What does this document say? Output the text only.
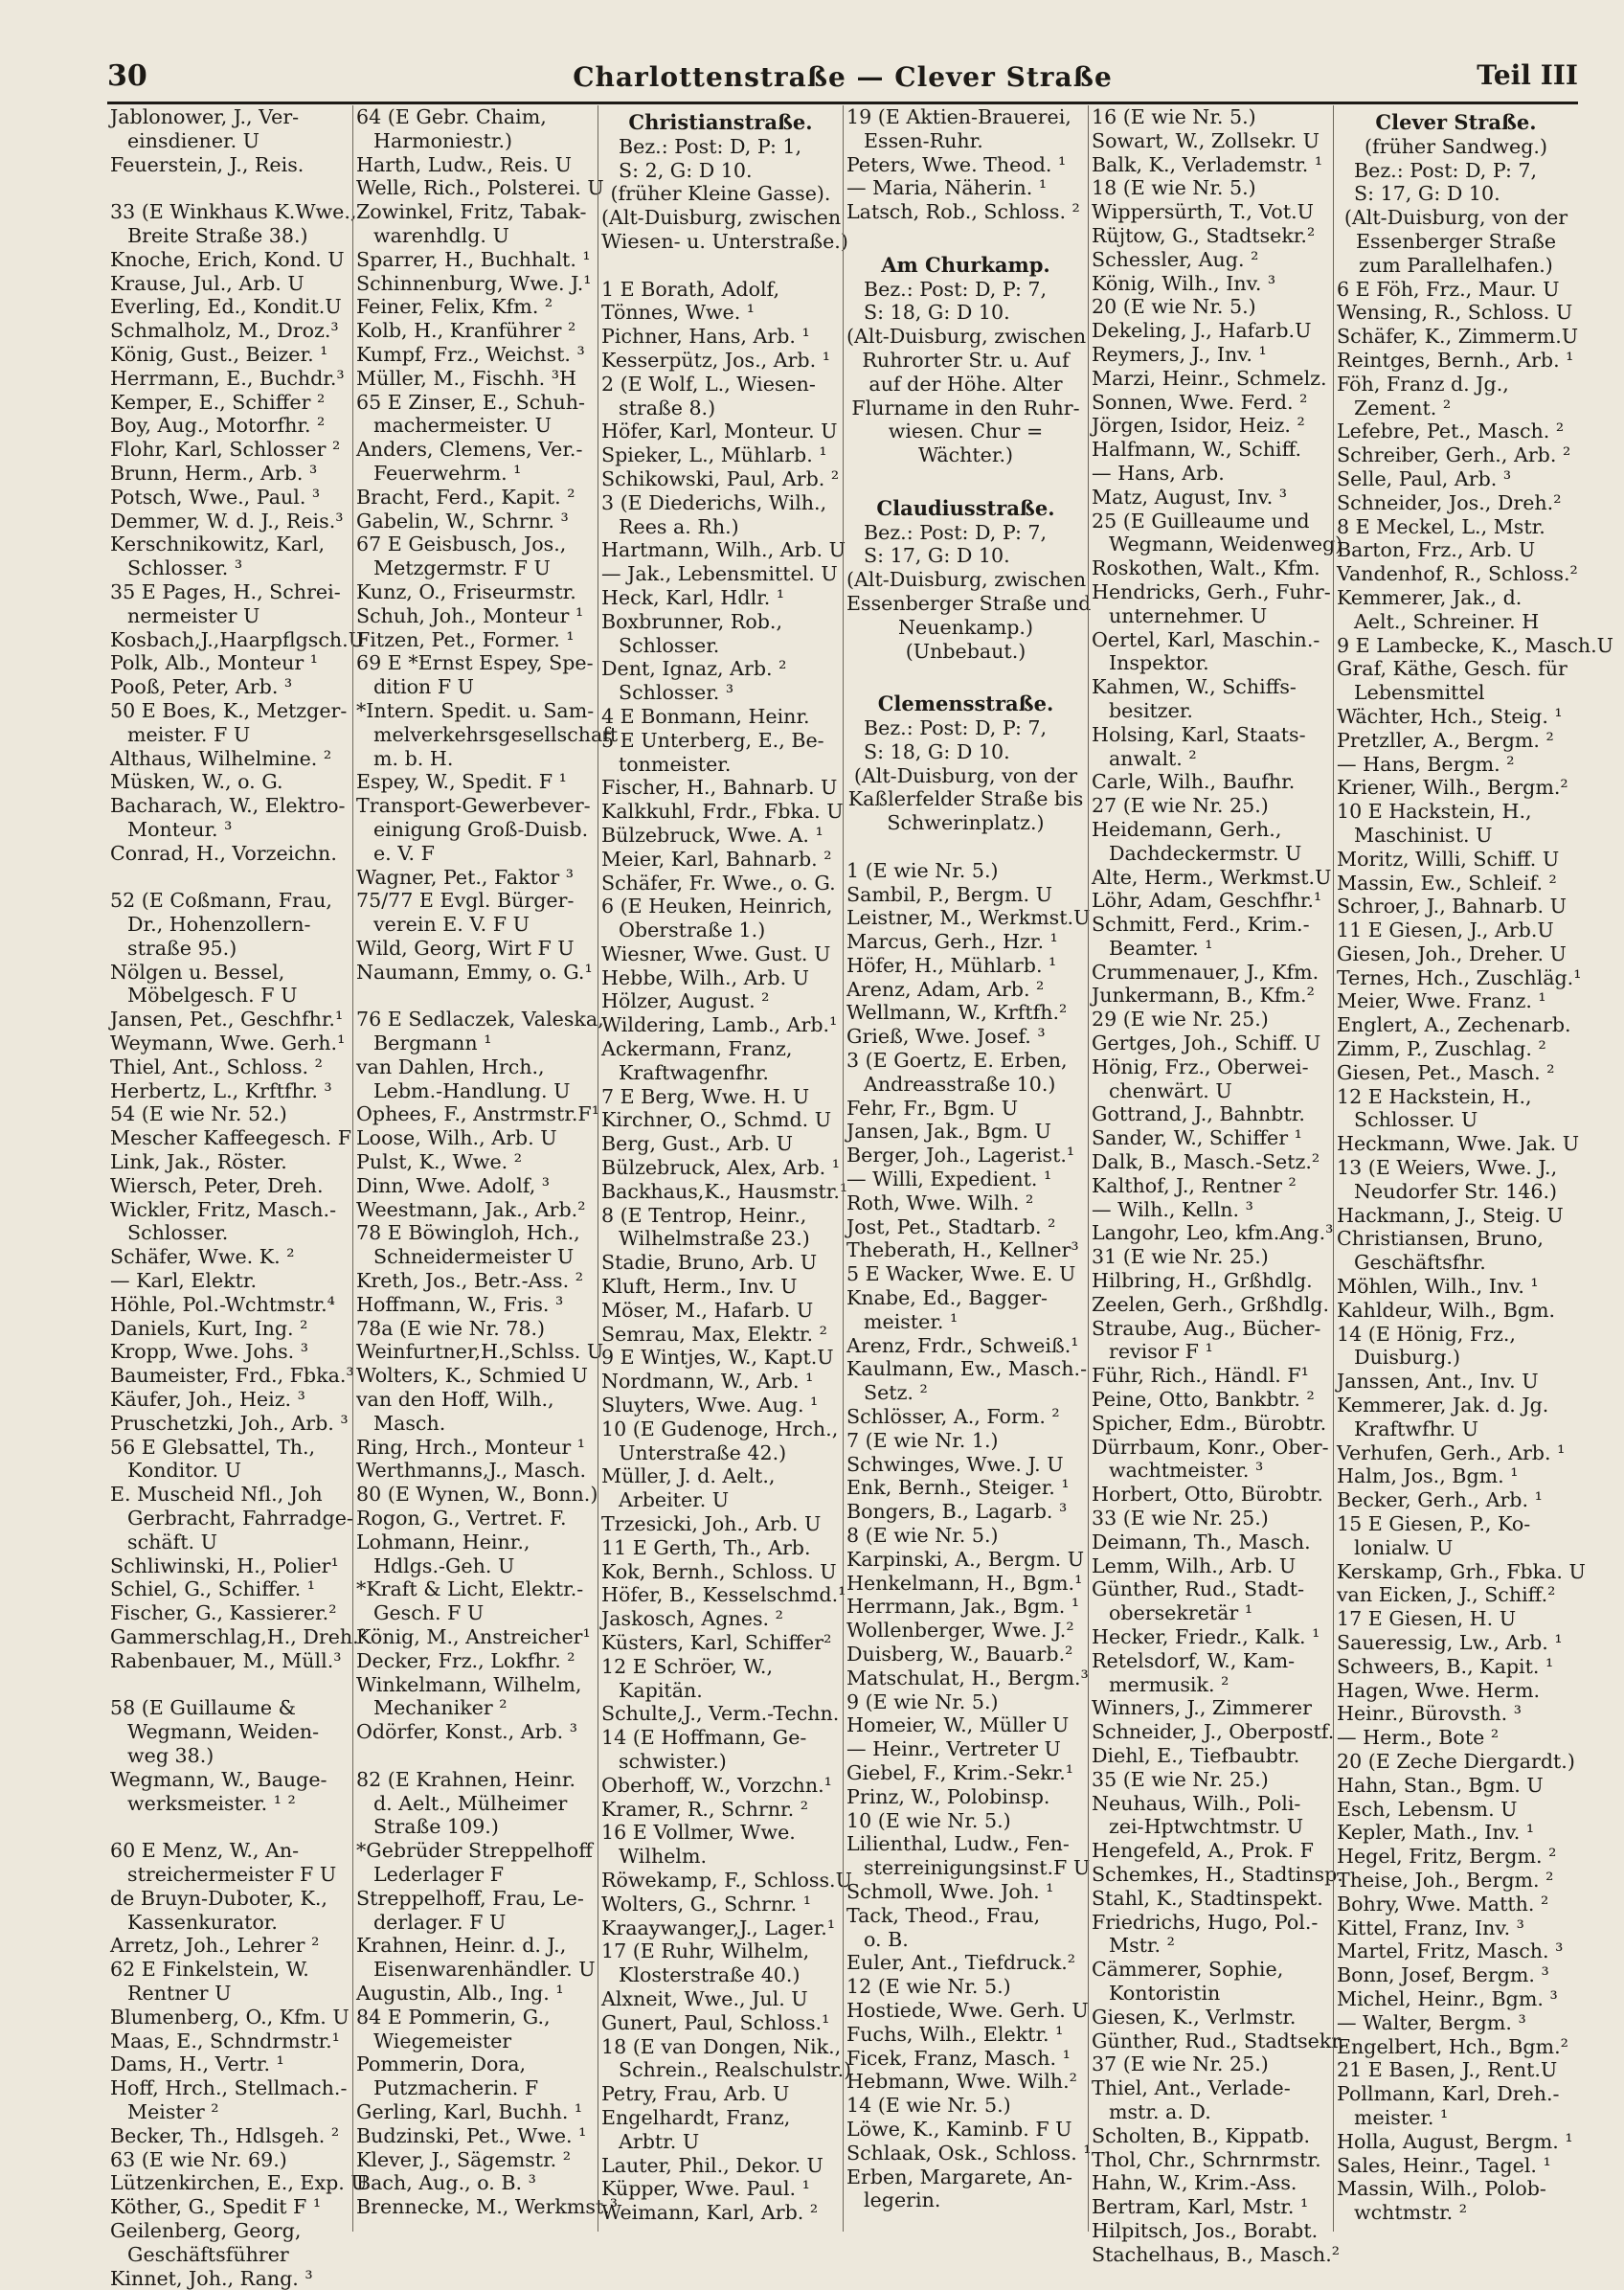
30	Charlottenstraße — Clever Straße	Teil III
Jablonower, J., Ver-
einsdiener. U
Feuerstein, J., Reis.
33 (E Winkhaus K.Wwe.,
Breite Straße 38.)
Knoche, Erich, Kond. U
Krause, Jul., Arb. U
Everling, Ed., Kondit.U
Schmalholz, M., Droz.³
König, Gust., Beizer. ¹
Herrmann, E., Buchdr.³
Kemper, E., Schiffer ²
Boy, Aug., Motorfhr. ²
Flohr, Karl, Schlosser ²
Brunn, Herm., Arb. ³
Potsch, Wwe., Paul. ³
Demmer, W. d. J., Reis.³
Kerschnikowitz, Karl,
Schlosser. ³
35 E Pages, H., Schrei-
nermeister U
Kosbach,J.,Haarpflgsch.U
Polk, Alb., Monteur ¹
Pooß, Peter, Arb. ³
50 E Boes, K., Metzger-
meister. F U
Althaus, Wilhelmine. ²
Müsken, W., o. G.
Bacharach, W., Elektro-
Monteur. ³
Conrad, H., Vorzeichn.
52 (E Coßmann, Frau,
Dr., Hohenzollern-
straße 95.)
Nölgen u. Bessel,
Möbelgesch. F U
Jansen, Pet., Geschfhr.¹
Weymann, Wwe. Gerh.¹
Thiel, Ant., Schloss. ²
Herbertz, L., Krftfhr. ³
54 (E wie Nr. 52.)
Mescher Kaffeegesch. F
Link, Jak., Röster.
Wiersch, Peter, Dreh.
Wickler, Fritz, Masch.-
Schlosser.
Schäfer, Wwe. K. ²
— Karl, Elektr.
Höhle, Pol.-Wchtmstr.⁴
Daniels, Kurt, Ing. ²
Kropp, Wwe. Johs. ³
Baumeister, Frd., Fbka.³
Käufer, Joh., Heiz. ³
Pruschetzki, Joh., Arb. ³
56 E Glebsattel, Th.,
Konditor. U
E. Muscheid Nfl., Joh
Gerbracht, Fahrradge-
schäft. U
Schliwinski, H., Polier¹
Schiel, G., Schiffer. ¹
Fischer, G., Kassierer.²
Gammerschlag,H., Dreh.²
Rabenbauer, M., Müll.³
58 (E Guillaume &
Wegmann, Weiden-
weg 38.)
Wegmann, W., Bauge-
werksmeister. ¹ ²
60 E Menz, W., An-
streichermeister F U
de Bruyn-Duboter, K.,
Kassenkurator.
Arretz, Joh., Lehrer ²
62 E Finkelstein, W.
Rentner U
Blumenberg, O., Kfm. U
Maas, E., Schndrmstr.¹
Dams, H., Vertr. ¹
Hoff, Hrch., Stellmach.-
Meister ²
Becker, Th., Hdlsgeh. ²
63 (E wie Nr. 69.)
Lützenkirchen, E., Exp. U
Köther, G., Spedit F ¹
Geilenberg, Georg,
Geschäftsführer
Kinnet, Joh., Rang. ³
64 (E Gebr. Chaim,
Harmoniestr.)
Harth, Ludw., Reis. U
Welle, Rich., Polsterei. U
Zowinkel, Fritz, Tabak-
warenhdlg. U
Sparrer, H., Buchhalt. ¹
Schinnenburg, Wwe. J.¹
Feiner, Felix, Kfm. ²
Kolb, H., Kranführer ²
Kumpf, Frz., Weichst. ³
Müller, M., Fischh. ³H
65 E Zinser, E., Schuh-
machermeister. U
Anders, Clemens, Ver.-
Feuerwehrm. ¹
Bracht, Ferd., Kapit. ²
Gabelin, W., Schrnr. ³
67 E Geisbusch, Jos.,
Metzgermstr. F U
Kunz, O., Friseurmstr.
Schuh, Joh., Monteur ¹
Fitzen, Pet., Former. ¹
69 E *Ernst Espey, Spe-
dition F U
*Intern. Spedit. u. Sam-
melverkehrsgesellschaft
m. b. H.
Espey, W., Spedit. F ¹
Transport-Gewerbever-
einigung Groß-Duisb.
e. V. F
Wagner, Pet., Faktor ³
75/77 E Evgl. Bürger-
verein E. V. F U
Wild, Georg, Wirt F U
Naumann, Emmy, o. G.¹
76 E Sedlaczek, Valeska,
Bergmann ¹
van Dahlen, Hrch.,
Lebm.-Handlung. U
Ophees, F., Anstrmstr.F¹
Loose, Wilh., Arb. U
Pulst, K., Wwe. ²
Dinn, Wwe. Adolf, ³
Weestmann, Jak., Arb.²
78 E Böwingloh, Hch.,
Schneidermeister U
Kreth, Jos., Betr.-Ass. ²
Hoffmann, W., Fris. ³
78a (E wie Nr. 78.)
Weinfurtner,H.,Schlss. U
Wolters, K., Schmied U
van den Hoff, Wilh.,
Masch.
Ring, Hrch., Monteur ¹
Werthmanns,J., Masch.
80 (E Wynen, W., Bonn.)
Rogon, G., Vertret. F.
Lohmann, Heinr.,
Hdlgs.-Geh. U
*Kraft & Licht, Elektr.-
Gesch. F U
König, M., Anstreicher¹
Decker, Frz., Lokfhr. ²
Winkelmann, Wilhelm,
Mechaniker ²
Odörfer, Konst., Arb. ³
82 (E Krahnen, Heinr.
d. Aelt., Mülheimer
Straße 109.)
*Gebrüder Streppelhoff
Lederlager F
Streppelhoff, Frau, Le-
derlager. F U
Krahnen, Heinr. d. J.,
Eisenwarenhändler. U
Augustin, Alb., Ing. ¹
84 E Pommerin, G.,
Wiegemeister
Pommerin, Dora,
Putzmacherin. F
Gerling, Karl, Buchh. ¹
Budzinski, Pet., Wwe. ¹
Klever, J., Sägemstr. ²
Bach, Aug., o. B. ³
Brennecke, M., Werkmst.³
Christianstraße.
Bez.: Post: D, P: 1,
S: 2, G: D 10.
(früher Kleine Gasse).
(Alt-Duisburg, zwischen
Wiesen- u. Unterstraße.)
1 E Borath, Adolf,
Tönnes, Wwe. ¹
Pichner, Hans, Arb. ¹
Kesserpütz, Jos., Arb. ¹
2 (E Wolf, L., Wiesen-
straße 8.)
Höfer, Karl, Monteur. U
Spieker, L., Mühlarb. ¹
Schikowski, Paul, Arb. ²
3 (E Diederichs, Wilh.,
Rees a. Rh.)
Hartmann, Wilh., Arb. U
— Jak., Lebensmittel. U
Heck, Karl, Hdlr. ¹
Boxbrunner, Rob.,
Schlosser.
Dent, Ignaz, Arb. ²
Schlosser. ³
4 E Bonmann, Heinr.
5 E Unterberg, E., Be-
tonmeister.
Fischer, H., Bahnarb. U
Kalkkuhl, Frdr., Fbka. U
Bülzebruck, Wwe. A. ¹
Meier, Karl, Bahnarb. ²
Schäfer, Fr. Wwe., o. G.
6 (E Heuken, Heinrich,
Oberstraße 1.)
Wiesner, Wwe. Gust. U
Hebbe, Wilh., Arb. U
Hölzer, August. ²
Wildering, Lamb., Arb.¹
Ackermann, Franz,
Kraftwagenfhr.
7 E Berg, Wwe. H. U
Kirchner, O., Schmd. U
Berg, Gust., Arb. U
Bülzebruck, Alex, Arb. ¹
Backhaus,K., Hausmstr.¹
8 (E Tentrop, Heinr.,
Wilhelmstraße 23.)
Stadie, Bruno, Arb. U
Kluft, Herm., Inv. U
Möser, M., Hafarb. U
Semrau, Max, Elektr. ²
9 E Wintjes, W., Kapt.U
Nordmann, W., Arb. ¹
Sluyters, Wwe. Aug. ¹
10 (E Gudenoge, Hrch.,
Unterstraße 42.)
Müller, J. d. Aelt.,
Arbeiter. U
Trzesicki, Joh., Arb. U
11 E Gerth, Th., Arb.
Kok, Bernh., Schloss. U
Höfer, B., Kesselschmd.¹
Jaskosch, Agnes. ²
Küsters, Karl, Schiffer²
12 E Schröer, W.,
Kapitän.
Schulte,J., Verm.-Techn.
14 (E Hoffmann, Ge-
schwister.)
Oberhoff, W., Vorzchn.¹
Kramer, R., Schrnr. ²
16 E Vollmer, Wwe.
Wilhelm.
Röwekamp, F., Schloss.U
Wolters, G., Schrnr. ¹
Kraaywanger,J., Lager.¹
17 (E Ruhr, Wilhelm,
Klosterstraße 40.)
Alxneit, Wwe., Jul. U
Gunert, Paul, Schloss.¹
18 (E van Dongen, Nik.,
Schrein., Realschulstr.)
Petry, Frau, Arb. U
Engelhardt, Franz,
Arbtr. U
Lauter, Phil., Dekor. U
Küpper, Wwe. Paul. ¹
Weimann, Karl, Arb. ²
19 (E Aktien-Brauerei,
Essen-Ruhr.
Peters, Wwe. Theod. ¹
— Maria, Näherin. ¹
Latsch, Rob., Schloss. ²
Am Churkamp.
Bez.: Post: D, P: 7,
S: 18, G: D 10.
(Alt-Duisburg, zwischen
Ruhrorter Str. u. Auf
auf der Höhe. Alter
Flurname in den Ruhr-
wiesen. Chur =
Wächter.)
Claudiusstraße.
Bez.: Post: D, P: 7,
S: 17, G: D 10.
(Alt-Duisburg, zwischen
Essenberger Straße und
Neuenkamp.)
(Unbebaut.)
Clemensstraße.
Bez.: Post: D, P: 7,
S: 18, G: D 10.
(Alt-Duisburg, von der
Kaßlerfelder Straße bis
Schwerinplatz.)
1 (E wie Nr. 5.)
Sambil, P., Bergm. U
Leistner, M., Werkmst.U
Marcus, Gerh., Hzr. ¹
Höfer, H., Mühlarb. ¹
Arenz, Adam, Arb. ²
Wellmann, W., Krftfh.²
Grieß, Wwe. Josef. ³
3 (E Goertz, E. Erben,
Andreasstraße 10.)
Fehr, Fr., Bgm. U
Jansen, Jak., Bgm. U
Berger, Joh., Lagerist.¹
— Willi, Expedient. ¹
Roth, Wwe. Wilh. ²
Jost, Pet., Stadtarb. ²
Theberath, H., Kellner³
5 E Wacker, Wwe. E. U
Knabe, Ed., Bagger-
meister. ¹
Arenz, Frdr., Schweiß.¹
Kaulmann, Ew., Masch.-
Setz. ²
Schlösser, A., Form. ²
7 (E wie Nr. 1.)
Schwinges, Wwe. J. U
Enk, Bernh., Steiger. ¹
Bongers, B., Lagarb. ³
8 (E wie Nr. 5.)
Karpinski, A., Bergm. U
Henkelmann, H., Bgm.¹
Herrmann, Jak., Bgm. ¹
Wollenberger, Wwe. J.²
Duisberg, W., Bauarb.²
Matschulat, H., Bergm.³
9 (E wie Nr. 5.)
Homeier, W., Müller U
— Heinr., Vertreter U
Giebel, F., Krim.-Sekr.¹
Prinz, W., Polobinsp.
10 (E wie Nr. 5.)
Lilienthal, Ludw., Fen-
sterreinigungsinst.F U
Schmoll, Wwe. Joh. ¹
Tack, Theod., Frau,
o. B.
Euler, Ant., Tiefdruck.²
12 (E wie Nr. 5.)
Hostiede, Wwe. Gerh. U
Fuchs, Wilh., Elektr. ¹
Ficek, Franz, Masch. ¹
Hebmann, Wwe. Wilh.²
14 (E wie Nr. 5.)
Löwe, K., Kaminb. F U
Schlaak, Osk., Schloss. ¹
Erben, Margarete, An-
legerin.
16 (E wie Nr. 5.)
Sowart, W., Zollsekr. U
Balk, K., Verlademstr. ¹
18 (E wie Nr. 5.)
Wippersürth, T., Vot.U
Rüjtow, G., Stadtsekr.²
Schessler, Aug. ²
König, Wilh., Inv. ³
20 (E wie Nr. 5.)
Dekeling, J., Hafarb.U
Reymers, J., Inv. ¹
Marzi, Heinr., Schmelz.
Sonnen, Wwe. Ferd. ²
Jörgen, Isidor, Heiz. ²
Halfmann, W., Schiff.
— Hans, Arb.
Matz, August, Inv. ³
25 (E Guilleaume und
Wegmann, Weidenweg)
Roskothen, Walt., Kfm.
Hendricks, Gerh., Fuhr-
unternehmer. U
Oertel, Karl, Maschin.-
Inspektor.
Kahmen, W., Schiffs-
besitzer.
Holsing, Karl, Staats-
anwalt. ²
Carle, Wilh., Baufhr.
27 (E wie Nr. 25.)
Heidemann, Gerh.,
Dachdeckermstr. U
Alte, Herm., Werkmst.U
Löhr, Adam, Geschfhr.¹
Schmitt, Ferd., Krim.-
Beamter. ¹
Crummenauer, J., Kfm.
Junkermann, B., Kfm.²
29 (E wie Nr. 25.)
Gertges, Joh., Schiff. U
Hönig, Frz., Oberwei-
chenwärt. U
Gottrand, J., Bahnbtr.
Sander, W., Schiffer ¹
Dalk, B., Masch.-Setz.²
Kalthof, J., Rentner ²
— Wilh., Kelln. ³
Langohr, Leo, kfm.Ang.³
31 (E wie Nr. 25.)
Hilbring, H., Grßhdlg.
Zeelen, Gerh., Grßhdlg.
Straube, Aug., Bücher-
revisor F ¹
Führ, Rich., Händl. F¹
Peine, Otto, Bankbtr. ²
Spicher, Edm., Bürobtr.
Dürrbaum, Konr., Ober-
wachtmeister. ³
Horbert, Otto, Bürobtr.
33 (E wie Nr. 25.)
Deimann, Th., Masch.
Lemm, Wilh., Arb. U
Günther, Rud., Stadt-
obersekretär ¹
Hecker, Friedr., Kalk. ¹
Retelsdorf, W., Kam-
mermusik. ²
Winners, J., Zimmerer
Schneider, J., Oberpostf.
Diehl, E., Tiefbaubtr.
35 (E wie Nr. 25.)
Neuhaus, Wilh., Poli-
zei-Hptwchtmstr. U
Hengefeld, A., Prok. F
Schemkes, H., Stadtinsp.
Stahl, K., Stadtinspekt.
Friedrichs, Hugo, Pol.-
Mstr. ²
Cämmerer, Sophie,
Kontoristin
Giesen, K., Verlmstr.
Günther, Rud., Stadtsekr.
37 (E wie Nr. 25.)
Thiel, Ant., Verlade-
mstr. a. D.
Scholten, B., Kippatb.
Thol, Chr., Schrnrmstr.
Hahn, W., Krim.-Ass.
Bertram, Karl, Mstr. ¹
Hilpitsch, Jos., Borabt.
Stachelhaus, B., Masch.²
Clever Straße.
(früher Sandweg.)
Bez.: Post: D, P: 7,
S: 17, G: D 10.
(Alt-Duisburg, von der
Essenberger Straße
zum Parallelhafen.)
6 E Föh, Frz., Maur. U
Wensing, R., Schloss. U
Schäfer, K., Zimmerm.U
Reintges, Bernh., Arb. ¹
Föh, Franz d. Jg.,
Zement. ²
Lefebre, Pet., Masch. ²
Schreiber, Gerh., Arb. ²
Selle, Paul, Arb. ³
Schneider, Jos., Dreh.²
8 E Meckel, L., Mstr.
Barton, Frz., Arb. U
Vandenhof, R., Schloss.²
Kemmerer, Jak., d.
Aelt., Schreiner. H
9 E Lambecke, K., Masch.U
Graf, Käthe, Gesch. für
Lebensmittel
Wächter, Hch., Steig. ¹
Pretzller, A., Bergm. ²
— Hans, Bergm. ²
Kriener, Wilh., Bergm.²
10 E Hackstein, H.,
Maschinist. U
Moritz, Willi, Schiff. U
Massin, Ew., Schleif. ²
Schroer, J., Bahnarb. U
11 E Giesen, J., Arb.U
Giesen, Joh., Dreher. U
Ternes, Hch., Zuschläg.¹
Meier, Wwe. Franz. ¹
Englert, A., Zechenarb.
Zimm, P., Zuschlag. ²
Giesen, Pet., Masch. ²
12 E Hackstein, H.,
Schlosser. U
Heckmann, Wwe. Jak. U
13 (E Weiers, Wwe. J.,
Neudorfer Str. 146.)
Hackmann, J., Steig. U
Christiansen, Bruno,
Geschäftsfhr.
Möhlen, Wilh., Inv. ¹
Kahldeur, Wilh., Bgm.
14 (E Hönig, Frz.,
Duisburg.)
Janssen, Ant., Inv. U
Kemmerer, Jak. d. Jg.
Kraftwfhr. U
Verhufen, Gerh., Arb. ¹
Halm, Jos., Bgm. ¹
Becker, Gerh., Arb. ¹
15 E Giesen, P., Ko-
lonialw. U
Kerskamp, Grh., Fbka. U
van Eicken, J., Schiff.²
17 E Giesen, H. U
Saueressig, Lw., Arb. ¹
Schweers, B., Kapit. ¹
Hagen, Wwe. Herm.
Heinr., Bürovsth. ³
— Herm., Bote ²
20 (E Zeche Diergardt.)
Hahn, Stan., Bgm. U
Esch, Lebensm. U
Kepler, Math., Inv. ¹
Hegel, Fritz, Bergm. ²
Theise, Joh., Bergm. ²
Bohry, Wwe. Matth. ²
Kittel, Franz, Inv. ³
Martel, Fritz, Masch. ³
Bonn, Josef, Bergm. ³
Michel, Heinr., Bgm. ³
— Walter, Bergm. ³
Engelbert, Hch., Bgm.²
21 E Basen, J., Rent.U
Pollmann, Karl, Dreh.-
meister. ¹
Holla, August, Bergm. ¹
Sales, Heinr., Tagel. ¹
Massin, Wilh., Polob-
wchtmstr. ²
